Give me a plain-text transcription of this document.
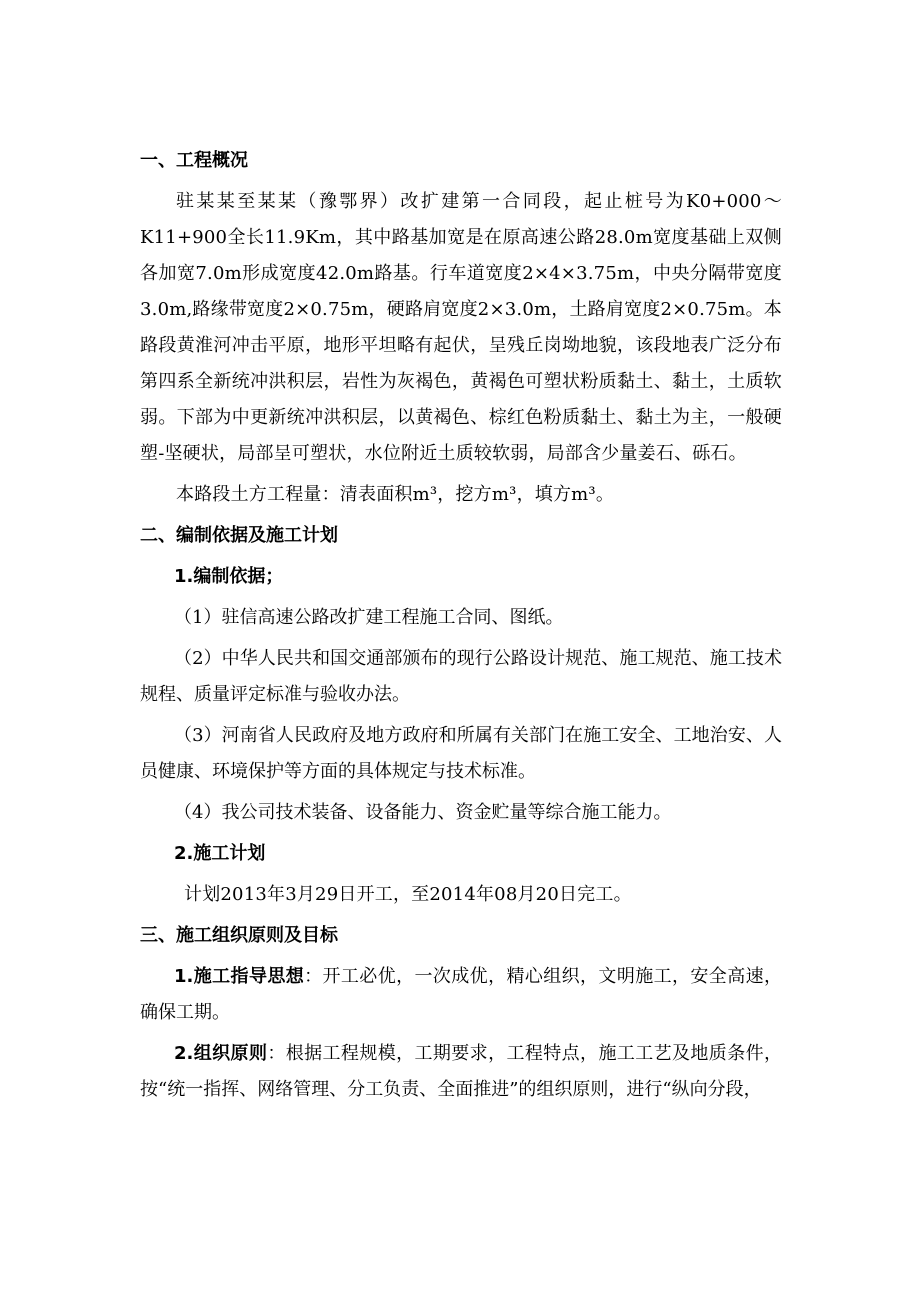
一、工程概况

驻某某至某某（豫鄂界）改扩建第一合同段，起止桩号为K0+000～K11+900全长11.9Km，其中路基加宽是在原高速公路28.0m宽度基础上双侧各加宽7.0m形成宽度42.0m路基。行车道宽度2×4×3.75m，中央分隔带宽度3.0m,路缘带宽度2×0.75m，硬路肩宽度2×3.0m，土路肩宽度2×0.75m。本路段黄淮河冲击平原，地形平坦略有起伏，呈残丘岗坳地貌，该段地表广泛分布第四系全新统冲洪积层，岩性为灰褐色，黄褐色可塑状粉质黏土、黏土，土质软弱。下部为中更新统冲洪积层，以黄褐色、棕红色粉质黏土、黏土为主，一般硬塑-坚硬状，局部呈可塑状，水位附近土质较软弱，局部含少量姜石、砾石。

本路段土方工程量：清表面积m³，挖方m³，填方m³。

二、编制依据及施工计划
1.编制依据；

（1）驻信高速公路改扩建工程施工合同、图纸。

（2）中华人民共和国交通部颁布的现行公路设计规范、施工规范、施工技术规程、质量评定标准与验收办法。

（3）河南省人民政府及地方政府和所属有关部门在施工安全、工地治安、人员健康、环境保护等方面的具体规定与技术标准。

（4）我公司技术装备、设备能力、资金贮量等综合施工能力。

2.施工计划

计划2013年3月29日开工，至2014年08月20日完工。

三、施工组织原则及目标

1.施工指导思想：开工必优，一次成优，精心组织，文明施工，安全高速，确保工期。

2.组织原则：根据工程规模，工期要求，工程特点，施工工艺及地质条件，按“统一指挥、网络管理、分工负责、全面推进”的组织原则，进行“纵向分段，
